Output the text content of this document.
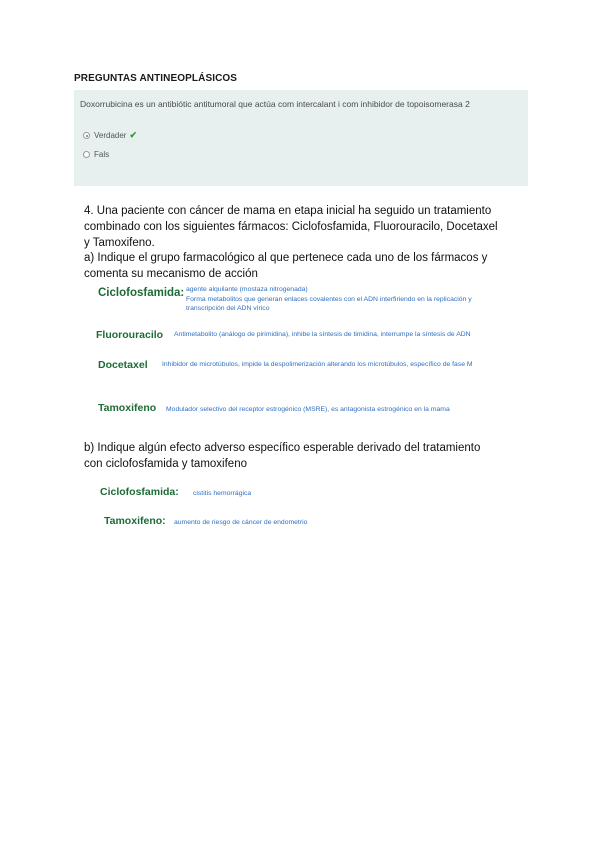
PREGUNTAS ANTINEOPLÁSICOS
Doxorrubicina es un antibiótic antitumoral que actúa com intercalant i com inhibidor de topoisomerasa 2
Verdader ✔
Fals
4. Una paciente con cáncer de mama en etapa inicial ha seguido un tratamiento
combinado con los siguientes fármacos: Ciclofosfamida, Fluorouracilo, Docetaxel
y Tamoxifeno.
a) Indique el grupo farmacológico al que pertenece cada uno de los fármacos y
comenta su mecanismo de acción
Ciclofosfamida: agente alquilante (mostaza nitrogenada)
Forma metabolitos que generan enlaces covalentes con el ADN interfiriendo en la replicación y
transcripción del ADN vírico
Fluorouracilo Antimetabolito (análogo de pirimidina), inhibe la síntesis de timidina, interrumpe la síntesis de ADN
Docetaxel Inhibidor de microtúbulos, impide la despolimerización alterando los microtúbulos, específico de fase M
Tamoxifeno Modulador selectivo del receptor estrogénico (MSRE), es antagonista estrogénico en la mama
b) Indique algún efecto adverso específico esperable derivado del tratamiento
con ciclofosfamida y tamoxifeno
Ciclofosfamida: cistitis hemorrágica
Tamoxifeno: aumento de riesgo de cáncer de endometrio
